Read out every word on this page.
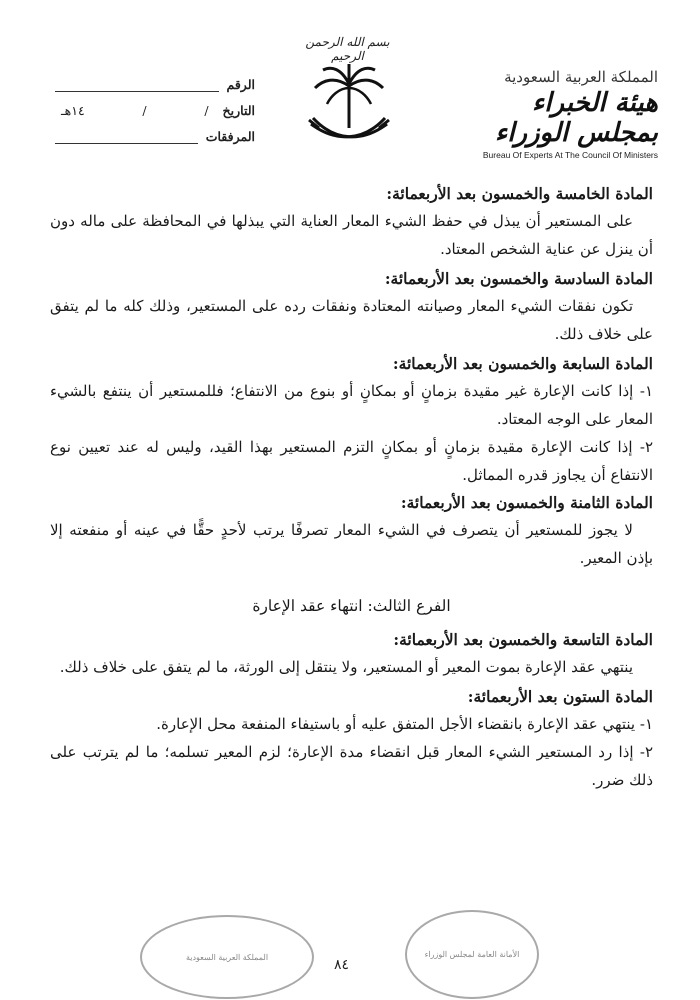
المملكة العربية السعودية
هيئة الخبراء بمجلس الوزراء
Bureau Of Experts At The Council Of Ministers
بسم الله الرحمن الرحيم
الرقم
التاريخ
/
/
١٤هـ
المرفقات

المادة الخامسة والخمسون بعد الأربعمائة:

على المستعير أن يبذل في حفظ الشيء المعار العناية التي يبذلها في المحافظة على ماله دون أن ينزل عن عناية الشخص المعتاد.

المادة السادسة والخمسون بعد الأربعمائة:

تكون نفقات الشيء المعار وصيانته المعتادة ونفقات رده على المستعير، وذلك كله ما لم يتفق على خلاف ذلك.

المادة السابعة والخمسون بعد الأربعمائة:

١- إذا كانت الإعارة غير مقيدة بزمانٍ أو بمكانٍ أو بنوع من الانتفاع؛ فللمستعير أن ينتفع بالشيء المعار على الوجه المعتاد.

٢- إذا كانت الإعارة مقيدة بزمانٍ أو بمكانٍ التزم المستعير بهذا القيد، وليس له عند تعيين نوع الانتفاع أن يجاوز قدره المماثل.

المادة الثامنة والخمسون بعد الأربعمائة:

لا يجوز للمستعير أن يتصرف في الشيء المعار تصرفًا يرتب لأحدٍ حقًّا في عينه أو منفعته إلا بإذن المعير.

الفرع الثالث: انتهاء عقد الإعارة

المادة التاسعة والخمسون بعد الأربعمائة:

ينتهي عقد الإعارة بموت المعير أو المستعير، ولا ينتقل إلى الورثة، ما لم يتفق على خلاف ذلك.

المادة الستون بعد الأربعمائة:

١- ينتهي عقد الإعارة بانقضاء الأجل المتفق عليه أو باستيفاء المنفعة محل الإعارة.

٢- إذا رد المستعير الشيء المعار قبل انقضاء مدة الإعارة؛ لزم المعير تسلمه؛ ما لم يترتب على ذلك ضرر.

المملكة العربية السعودية	٨٤
الأمانة العامة لمجلس الوزراء
